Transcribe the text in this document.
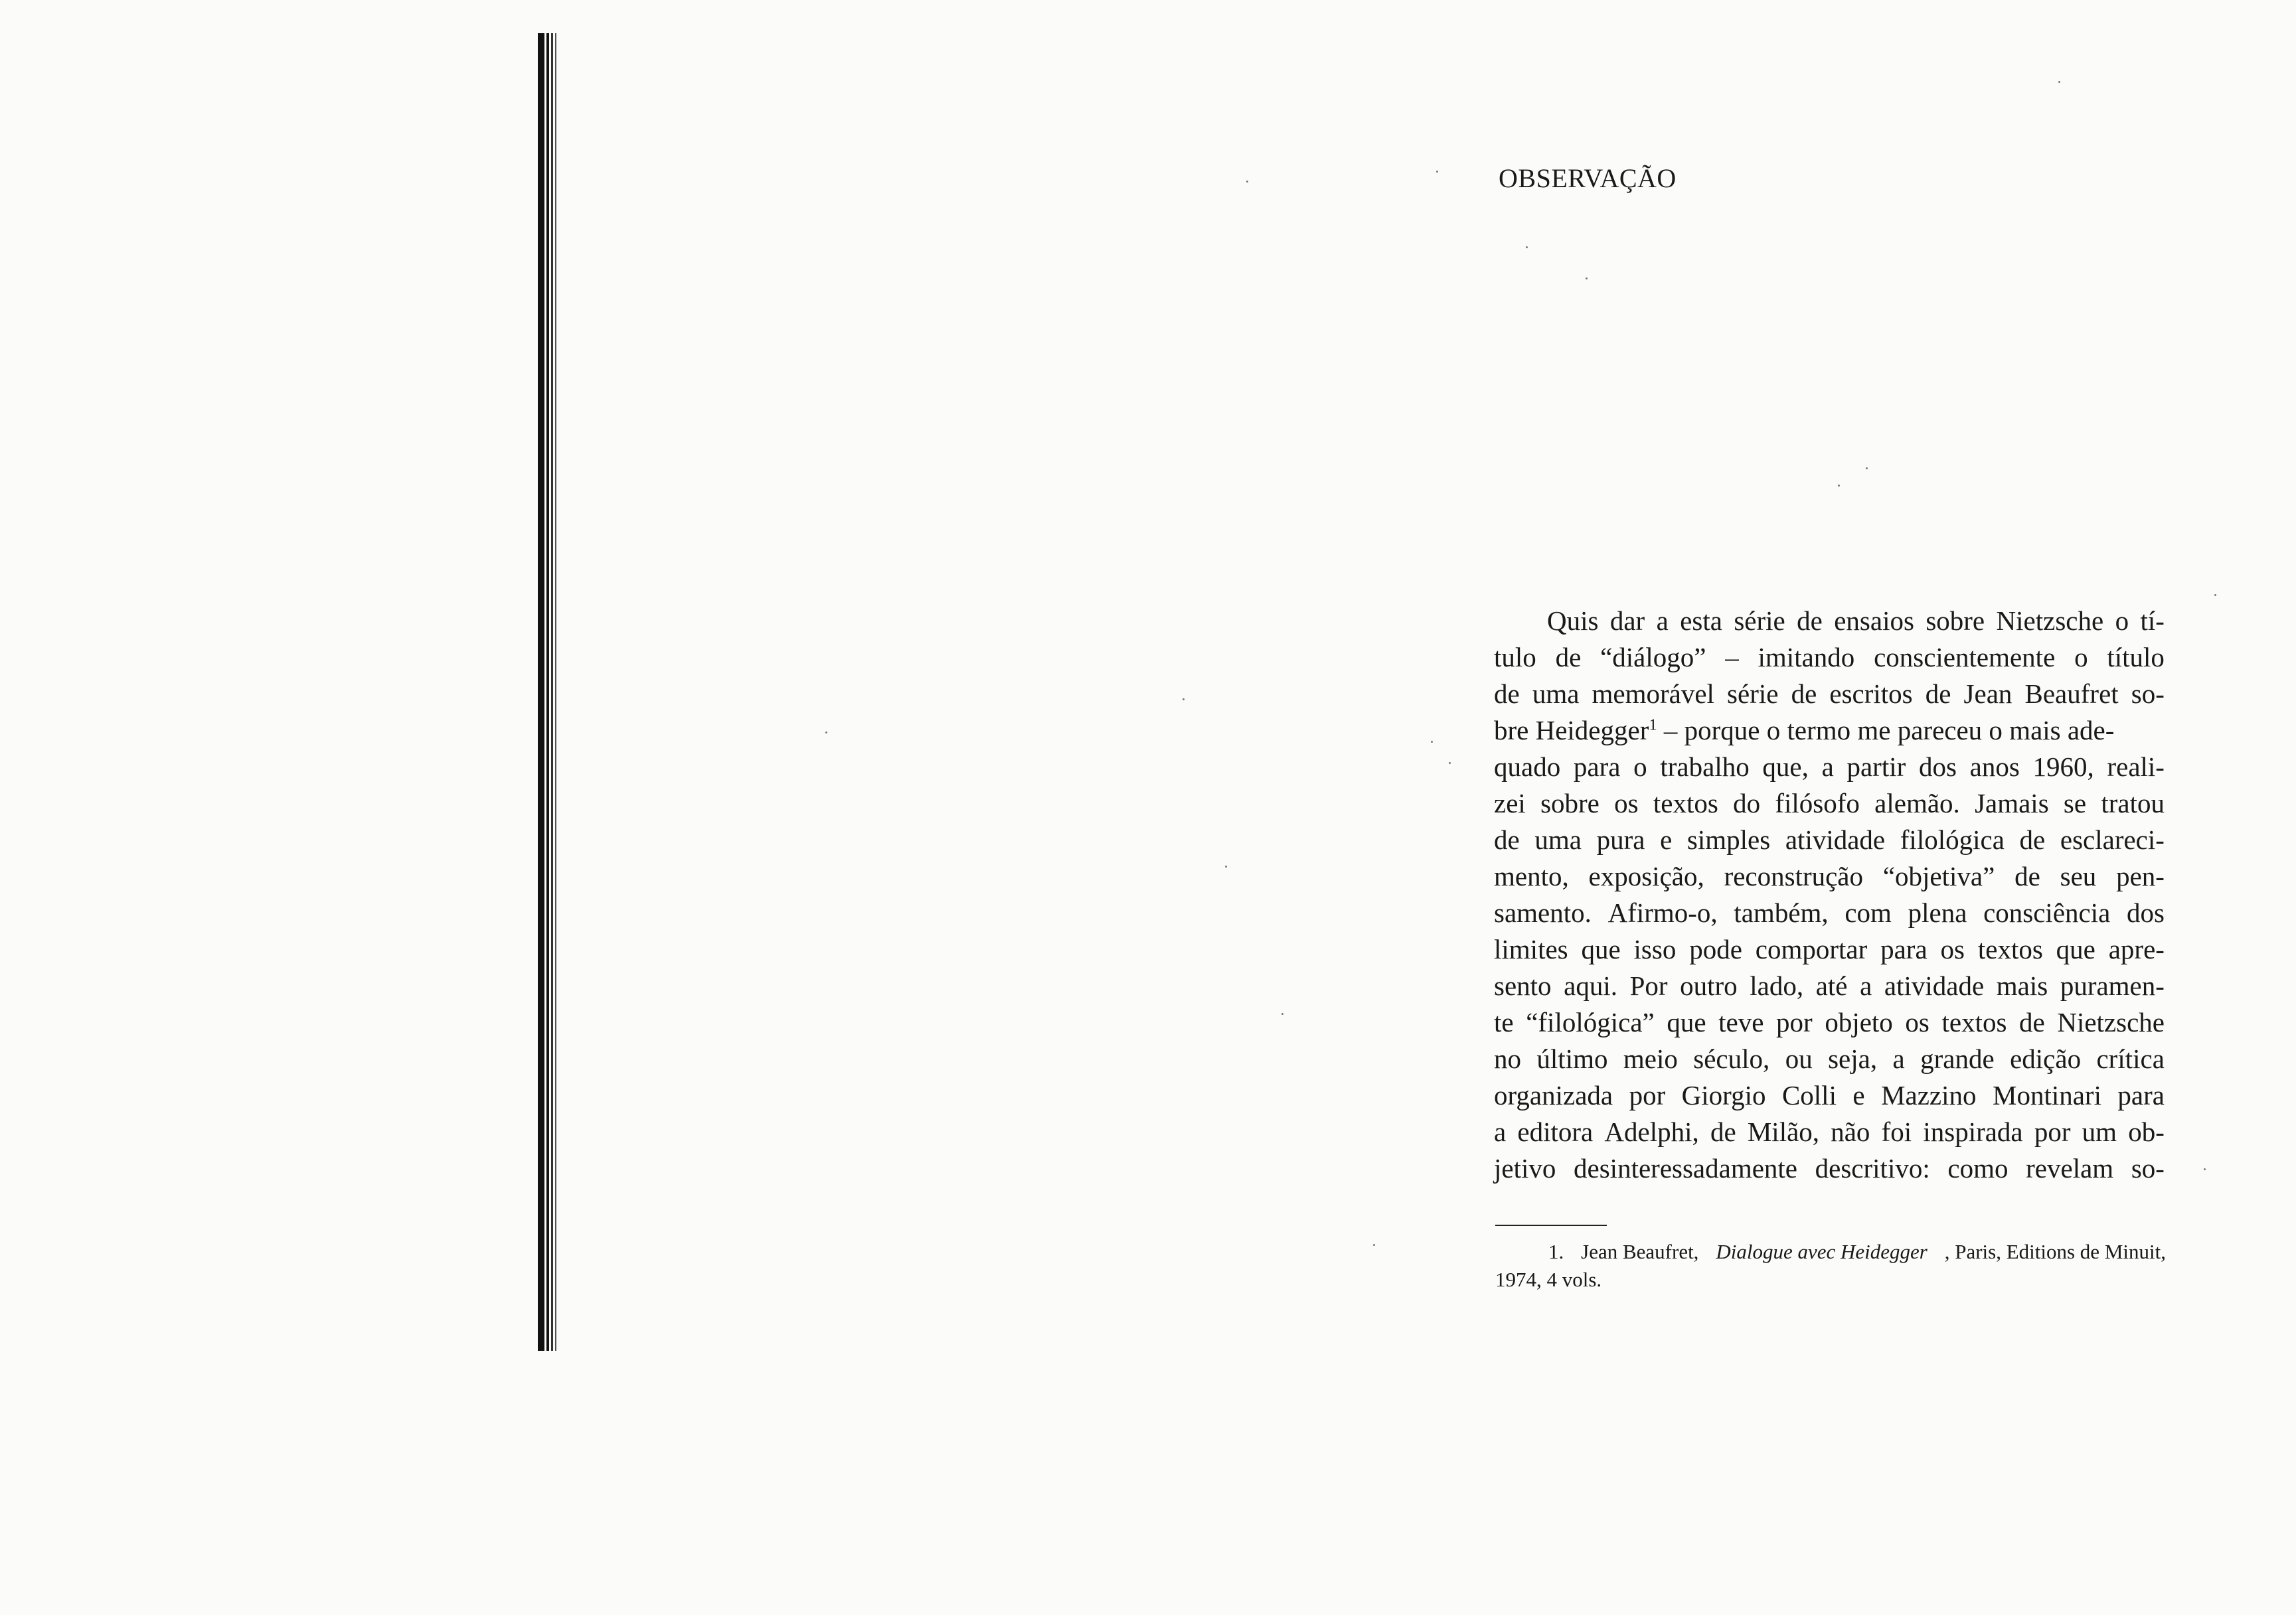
OBSERVAÇÃO
Quis dar a esta série de ensaios sobre Nietzsche o tí-
tulo de “diálogo” – imitando conscientemente o título
de uma memorável série de escritos de Jean Beaufret so-
bre Heidegger$^1$ – porque o termo me pareceu o mais ade-
quado para o trabalho que, a partir dos anos 1960, reali-
zei sobre os textos do filósofo alemão. Jamais se tratou
de uma pura e simples atividade filológica de esclareci-
mento, exposição, reconstrução “objetiva” de seu pen-
samento. Afirmo-o, também, com plena consciência dos
limites que isso pode comportar para os textos que apre-
sento aqui. Por outro lado, até a atividade mais puramen-
te “filológica” que teve por objeto os textos de Nietzsche
no último meio século, ou seja, a grande edição crítica
organizada por Giorgio Colli e Mazzino Montinari para
a editora Adelphi, de Milão, não foi inspirada por um ob-
jetivo desinteressadamente descritivo: como revelam so-
1. Jean Beaufret, Dialogue avec Heidegger , Paris, Editions de Minuit,
1974, 4 vols.
